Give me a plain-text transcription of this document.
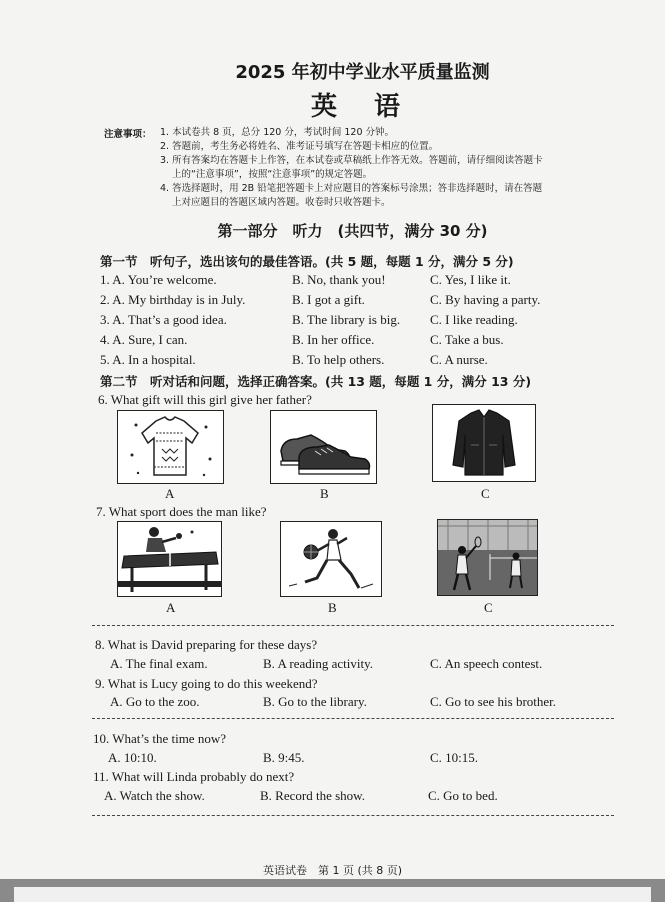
2025 年初中学业水平质量监测
英 语
注意事项： 1. 本试卷共 8 页，总分 120 分，考试时间 120 分钟。
2. 答题前，考生务必将姓名、准考证号填写在答题卡相应的位置。
3. 所有答案均在答题卡上作答，在本试卷或草稿纸上作答无效。答题前，请仔细阅读答题卡
上的“注意事项”，按照“注意事项”的规定答题。
4. 答选择题时，用 2B 铅笔把答题卡上对应题目的答案标号涂黑；答非选择题时，请在答题
上对应题目的答题区域内答题。收卷时只收答题卡。
第一部分　听力　(共四节，满分 30 分)
第一节　听句子，选出该句的最佳答语。(共 5 题，每题 1 分，满分 5 分)
1. A. You’re welcome.	B. No, thank you!	C. Yes, I like it.
2. A. My birthday is in July.	B. I got a gift.	C. By having a party.
3. A. That’s a good idea.	B. The library is big. C. I like reading.
4. A. Sure, I can.	B. In her office.	C. Take a bus.
5. A. In a hospital.	B. To help others.	C. A nurse.
第二节　听对话和问题，选择正确答案。(共 13 题，每题 1 分，满分 13 分)
6. What gift will this girl give her father?
A	B	C
7. What sport does the man like?
A	B	C
8. What is David preparing for these days?
A. The final exam.	B. A reading activity.	C. An speech contest.
9. What is Lucy going to do this weekend?
A. Go to the zoo.	B. Go to the library.	C. Go to see his brother.
10. What’s the time now?
A. 10:10.	B. 9:45.	C. 10:15.
11. What will Linda probably do next?
A. Watch the show.	B. Record the show.	C. Go to bed.
英语试卷　第 1 页 (共 8 页)
